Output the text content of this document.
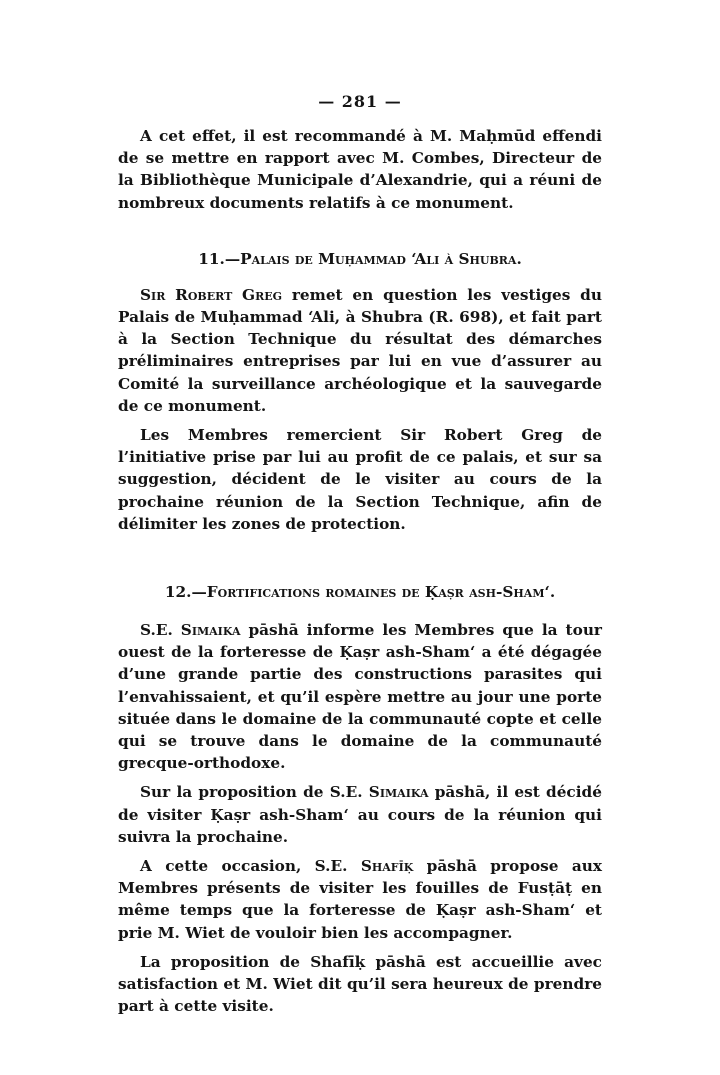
— 281 —

A cet effet, il est recommandé à M. Maḥmūd effendi de se mettre en rapport avec M. Combes, Directeur de la Bibliothèque Municipale d’Alexandrie, qui a réuni de nombreux documents relatifs à ce monument.

11.—Palais de Muḥammad ‘Ali à Shubra.

Sir Robert Greg remet en question les vestiges du Palais de Muḥammad ‘Ali, à Shubra (R. 698), et fait part à la Section Technique du résultat des démarches préliminaires entreprises par lui en vue d’assurer au Comité la surveillance archéologique et la sauvegarde de ce monument.

Les Membres remercient Sir Robert Greg de l’initiative prise par lui au profit de ce palais, et sur sa suggestion, décident de le visiter au cours de la prochaine réunion de la Section Technique, afin de délimiter les zones de protection.

12.—Fortifications romaines de Ḳaṣr ash-Sham‘.

S.E. Simaika pāshā informe les Membres que la tour ouest de la forteresse de Ḳaṣr ash-Sham‘ a été dégagée d’une grande partie des constructions parasites qui l’envahissaient, et qu’il espère mettre au jour une porte située dans le domaine de la communauté copte et celle qui se trouve dans le domaine de la communauté grecque-orthodoxe.

Sur la proposition de S.E. Simaika pāshā, il est décidé de visiter Ḳaṣr ash-Sham‘ au cours de la réunion qui suivra la prochaine.

A cette occasion, S.E. Shafīḳ pāshā propose aux Membres présents de visiter les fouilles de Fusṭāṭ en même temps que la forteresse de Ḳaṣr ash-Sham‘ et prie M. Wiet de vouloir bien les accompagner.

La proposition de Shafīḳ pāshā est accueillie avec satisfaction et M. Wiet dit qu’il sera heureux de prendre part à cette visite.
